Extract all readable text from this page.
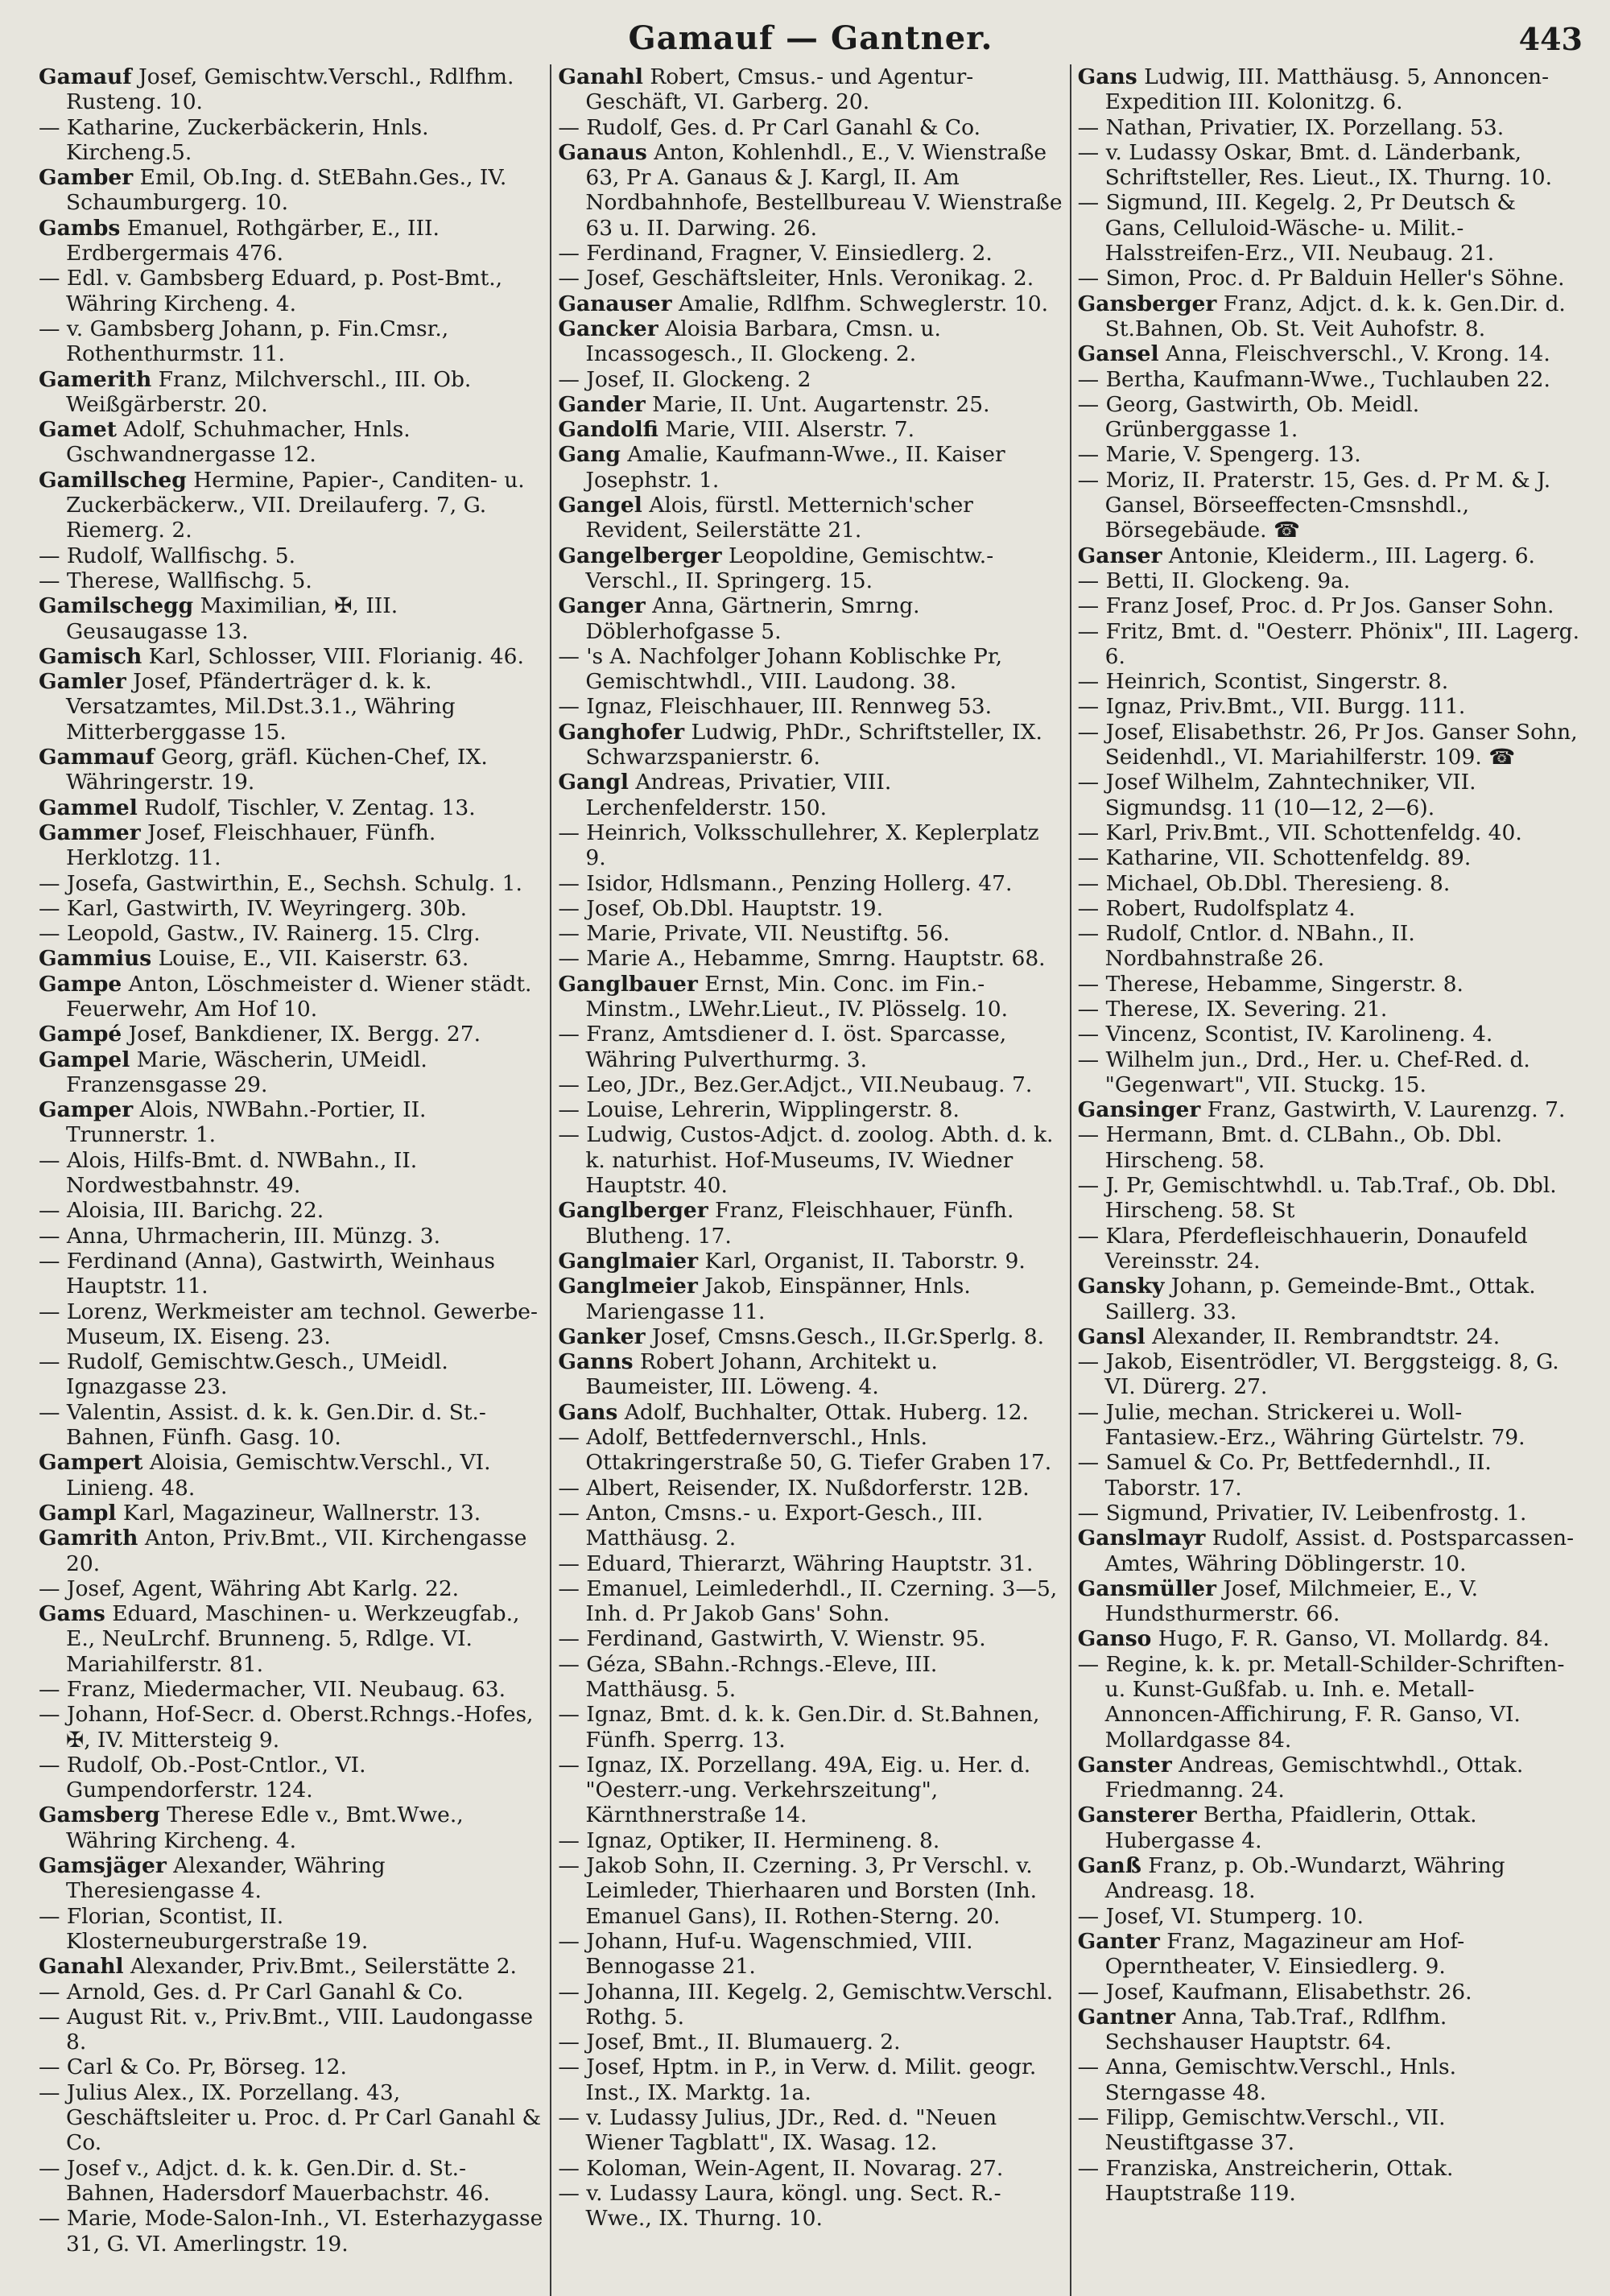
Gamauf — Gantner.	443
Gamauf Josef, Gemischtw.Verschl., Rdlfhm. Rusteng. 10.
— Katharine, Zuckerbäckerin, Hnls. Kircheng.5.
Gamber Emil, Ob.Ing. d. StEBahn.Ges., IV. Schaumburgerg. 10.
Gambs Emanuel, Rothgärber, E., III. Erdbergermais 476.
— Edl. v. Gambsberg Eduard, p. Post-Bmt., Währing Kircheng. 4.
— v. Gambsberg Johann, p. Fin.Cmsr., Rothenthurmstr. 11.
Gamerith Franz, Milchverschl., III. Ob. Weißgärberstr. 20.
Gamet Adolf, Schuhmacher, Hnls. Gschwandnergasse 12.
Gamillscheg Hermine, Papier-, Canditen- u. Zuckerbäckerw., VII. Dreilauferg. 7, G. Riemerg. 2.
— Rudolf, Wallfischg. 5.
— Therese, Wallfischg. 5.
Gamilschegg Maximilian, ✠, III. Geusaugasse 13.
Gamisch Karl, Schlosser, VIII. Florianig. 46.
Gamler Josef, Pfänderträger d. k. k. Versatzamtes, Mil.Dst.3.1., Währing Mitterberggasse 15.
Gammauf Georg, gräfl. Küchen-Chef, IX. Währingerstr. 19.
Gammel Rudolf, Tischler, V. Zentag. 13.
Gammer Josef, Fleischhauer, Fünfh. Herklotzg. 11.
— Josefa, Gastwirthin, E., Sechsh. Schulg. 1.
— Karl, Gastwirth, IV. Weyringerg. 30b.
— Leopold, Gastw., IV. Rainerg. 15. Clrg.
Gammius Louise, E., VII. Kaiserstr. 63.
Gampe Anton, Löschmeister d. Wiener städt. Feuerwehr, Am Hof 10.
Gampé Josef, Bankdiener, IX. Bergg. 27.
Gampel Marie, Wäscherin, UMeidl. Franzensgasse 29.
Gamper Alois, NWBahn.-Portier, II. Trunnerstr. 1.
— Alois, Hilfs-Bmt. d. NWBahn., II. Nordwestbahnstr. 49.
— Aloisia, III. Barichg. 22.
— Anna, Uhrmacherin, III. Münzg. 3.
— Ferdinand (Anna), Gastwirth, Weinhaus Hauptstr. 11.
— Lorenz, Werkmeister am technol. Gewerbe-Museum, IX. Eiseng. 23.
— Rudolf, Gemischtw.Gesch., UMeidl. Ignazgasse 23.
— Valentin, Assist. d. k. k. Gen.Dir. d. St.-Bahnen, Fünfh. Gasg. 10.
Gampert Aloisia, Gemischtw.Verschl., VI. Linieng. 48.
Gampl Karl, Magazineur, Wallnerstr. 13.
Gamrith Anton, Priv.Bmt., VII. Kirchengasse 20.
— Josef, Agent, Währing Abt Karlg. 22.
Gams Eduard, Maschinen- u. Werkzeugfab., E., NeuLrchf. Brunneng. 5, Rdlge. VI. Mariahilferstr. 81.
— Franz, Miedermacher, VII. Neubaug. 63.
— Johann, Hof-Secr. d. Oberst.Rchngs.-Hofes, ✠, IV. Mittersteig 9.
— Rudolf, Ob.-Post-Cntlor., VI. Gumpendorferstr. 124.
Gamsberg Therese Edle v., Bmt.Wwe., Währing Kircheng. 4.
Gamsjäger Alexander, Währing Theresiengasse 4.
— Florian, Scontist, II. Klosterneuburgerstraße 19.
Ganahl Alexander, Priv.Bmt., Seilerstätte 2.
— Arnold, Ges. d. Pr Carl Ganahl & Co.
— August Rit. v., Priv.Bmt., VIII. Laudongasse 8.
— Carl & Co. Pr, Börseg. 12.
— Julius Alex., IX. Porzellang. 43, Geschäftsleiter u. Proc. d. Pr Carl Ganahl & Co.
— Josef v., Adjct. d. k. k. Gen.Dir. d. St.-Bahnen, Hadersdorf Mauerbachstr. 46.
— Marie, Mode-Salon-Inh., VI. Esterhazygasse 31, G. VI. Amerlingstr. 19.
Ganahl Robert, Cmsus.- und Agentur-Geschäft, VI. Garberg. 20.
— Rudolf, Ges. d. Pr Carl Ganahl & Co.
Ganaus Anton, Kohlenhdl., E., V. Wienstraße 63, Pr A. Ganaus & J. Kargl, II. Am Nordbahnhofe, Bestellbureau V. Wienstraße 63 u. II. Darwing. 26.
— Ferdinand, Fragner, V. Einsiedlerg. 2.
— Josef, Geschäftsleiter, Hnls. Veronikag. 2.
Ganauser Amalie, Rdlfhm. Schweglerstr. 10.
Gancker Aloisia Barbara, Cmsn. u. Incassogesch., II. Glockeng. 2.
— Josef, II. Glockeng. 2
Gander Marie, II. Unt. Augartenstr. 25.
Gandolfi Marie, VIII. Alserstr. 7.
Gang Amalie, Kaufmann-Wwe., II. Kaiser Josephstr. 1.
Gangel Alois, fürstl. Metternich'scher Revident, Seilerstätte 21.
Gangelberger Leopoldine, Gemischtw.-Verschl., II. Springerg. 15.
Ganger Anna, Gärtnerin, Smrng. Döblerhofgasse 5.
— 's A. Nachfolger Johann Koblischke Pr, Gemischtwhdl., VIII. Laudong. 38.
— Ignaz, Fleischhauer, III. Rennweg 53.
Ganghofer Ludwig, PhDr., Schriftsteller, IX. Schwarzspanierstr. 6.
Gangl Andreas, Privatier, VIII. Lerchenfelderstr. 150.
— Heinrich, Volksschullehrer, X. Keplerplatz 9.
— Isidor, Hdlsmann., Penzing Hollerg. 47.
— Josef, Ob.Dbl. Hauptstr. 19.
— Marie, Private, VII. Neustiftg. 56.
— Marie A., Hebamme, Smrng. Hauptstr. 68.
Ganglbauer Ernst, Min. Conc. im Fin.-Minstm., LWehr.Lieut., IV. Plösselg. 10.
— Franz, Amtsdiener d. I. öst. Sparcasse, Währing Pulverthurmg. 3.
— Leo, JDr., Bez.Ger.Adjct., VII.Neubaug. 7.
— Louise, Lehrerin, Wipplingerstr. 8.
— Ludwig, Custos-Adjct. d. zoolog. Abth. d. k. k. naturhist. Hof-Museums, IV. Wiedner Hauptstr. 40.
Ganglberger Franz, Fleischhauer, Fünfh. Blutheng. 17.
Ganglmaier Karl, Organist, II. Taborstr. 9.
Ganglmeier Jakob, Einspänner, Hnls. Mariengasse 11.
Ganker Josef, Cmsns.Gesch., II.Gr.Sperlg. 8.
Ganns Robert Johann, Architekt u. Baumeister, III. Löweng. 4.
Gans Adolf, Buchhalter, Ottak. Huberg. 12.
— Adolf, Bettfedernverschl., Hnls. Ottakringerstraße 50, G. Tiefer Graben 17.
— Albert, Reisender, IX. Nußdorferstr. 12B.
— Anton, Cmsns.- u. Export-Gesch., III. Matthäusg. 2.
— Eduard, Thierarzt, Währing Hauptstr. 31.
— Emanuel, Leimlederhdl., II. Czerning. 3—5, Inh. d. Pr Jakob Gans' Sohn.
— Ferdinand, Gastwirth, V. Wienstr. 95.
— Géza, SBahn.-Rchngs.-Eleve, III. Matthäusg. 5.
— Ignaz, Bmt. d. k. k. Gen.Dir. d. St.Bahnen, Fünfh. Sperrg. 13.
— Ignaz, IX. Porzellang. 49A, Eig. u. Her. d. "Oesterr.-ung. Verkehrszeitung", Kärnthnerstraße 14.
— Ignaz, Optiker, II. Hermineng. 8.
— Jakob Sohn, II. Czerning. 3, Pr Verschl. v. Leimleder, Thierhaaren und Borsten (Inh. Emanuel Gans), II. Rothen-Sterng. 20.
— Johann, Huf-u. Wagenschmied, VIII. Bennogasse 21.
— Johanna, III. Kegelg. 2, Gemischtw.Verschl. Rothg. 5.
— Josef, Bmt., II. Blumauerg. 2.
— Josef, Hptm. in P., in Verw. d. Milit. geogr. Inst., IX. Marktg. 1a.
— v. Ludassy Julius, JDr., Red. d. "Neuen Wiener Tagblatt", IX. Wasag. 12.
— Koloman, Wein-Agent, II. Novarag. 27.
— v. Ludassy Laura, köngl. ung. Sect. R.-Wwe., IX. Thurng. 10.
Gans Ludwig, III. Matthäusg. 5, Annoncen-Expedition III. Kolonitzg. 6.
— Nathan, Privatier, IX. Porzellang. 53.
— v. Ludassy Oskar, Bmt. d. Länderbank, Schriftsteller, Res. Lieut., IX. Thurng. 10.
— Sigmund, III. Kegelg. 2, Pr Deutsch & Gans, Celluloid-Wäsche- u. Milit.-Halsstreifen-Erz., VII. Neubaug. 21.
— Simon, Proc. d. Pr Balduin Heller's Söhne.
Gansberger Franz, Adjct. d. k. k. Gen.Dir. d. St.Bahnen, Ob. St. Veit Auhofstr. 8.
Gansel Anna, Fleischverschl., V. Krong. 14.
— Bertha, Kaufmann-Wwe., Tuchlauben 22.
— Georg, Gastwirth, Ob. Meidl. Grünberggasse 1.
— Marie, V. Spengerg. 13.
— Moriz, II. Praterstr. 15, Ges. d. Pr M. & J. Gansel, Börseeffecten-Cmsnshdl., Börsegebäude. ☎
Ganser Antonie, Kleiderm., III. Lagerg. 6.
— Betti, II. Glockeng. 9a.
— Franz Josef, Proc. d. Pr Jos. Ganser Sohn.
— Fritz, Bmt. d. "Oesterr. Phönix", III. Lagerg. 6.
— Heinrich, Scontist, Singerstr. 8.
— Ignaz, Priv.Bmt., VII. Burgg. 111.
— Josef, Elisabethstr. 26, Pr Jos. Ganser Sohn, Seidenhdl., VI. Mariahilferstr. 109. ☎
— Josef Wilhelm, Zahntechniker, VII. Sigmundsg. 11 (10—12, 2—6).
— Karl, Priv.Bmt., VII. Schottenfeldg. 40.
— Katharine, VII. Schottenfeldg. 89.
— Michael, Ob.Dbl. Theresieng. 8.
— Robert, Rudolfsplatz 4.
— Rudolf, Cntlor. d. NBahn., II. Nordbahnstraße 26.
— Therese, Hebamme, Singerstr. 8.
— Therese, IX. Severing. 21.
— Vincenz, Scontist, IV. Karolineng. 4.
— Wilhelm jun., Drd., Her. u. Chef-Red. d. "Gegenwart", VII. Stuckg. 15.
Gansinger Franz, Gastwirth, V. Laurenzg. 7.
— Hermann, Bmt. d. CLBahn., Ob. Dbl. Hirscheng. 58.
— J. Pr, Gemischtwhdl. u. Tab.Traf., Ob. Dbl. Hirscheng. 58. St
— Klara, Pferdefleischhauerin, Donaufeld Vereinsstr. 24.
Gansky Johann, p. Gemeinde-Bmt., Ottak. Saillerg. 33.
Gansl Alexander, II. Rembrandtstr. 24.
— Jakob, Eisentrödler, VI. Berggsteigg. 8, G. VI. Dürerg. 27.
— Julie, mechan. Strickerei u. Woll-Fantasiew.-Erz., Währing Gürtelstr. 79.
— Samuel & Co. Pr, Bettfedernhdl., II. Taborstr. 17.
— Sigmund, Privatier, IV. Leibenfrostg. 1.
Ganslmayr Rudolf, Assist. d. Postsparcassen-Amtes, Währing Döblingerstr. 10.
Gansmüller Josef, Milchmeier, E., V. Hundsthurmerstr. 66.
Ganso Hugo, F. R. Ganso, VI. Mollardg. 84.
— Regine, k. k. pr. Metall-Schilder-Schriften- u. Kunst-Gußfab. u. Inh. e. Metall-Annoncen-Affichirung, F. R. Ganso, VI. Mollardgasse 84.
Ganster Andreas, Gemischtwhdl., Ottak. Friedmanng. 24.
Gansterer Bertha, Pfaidlerin, Ottak. Hubergasse 4.
Ganß Franz, p. Ob.-Wundarzt, Währing Andreasg. 18.
— Josef, VI. Stumperg. 10.
Ganter Franz, Magazineur am Hof-Operntheater, V. Einsiedlerg. 9.
— Josef, Kaufmann, Elisabethstr. 26.
Gantner Anna, Tab.Traf., Rdlfhm. Sechshauser Hauptstr. 64.
— Anna, Gemischtw.Verschl., Hnls. Sterngasse 48.
— Filipp, Gemischtw.Verschl., VII. Neustiftgasse 37.
— Franziska, Anstreicherin, Ottak. Hauptstraße 119.
